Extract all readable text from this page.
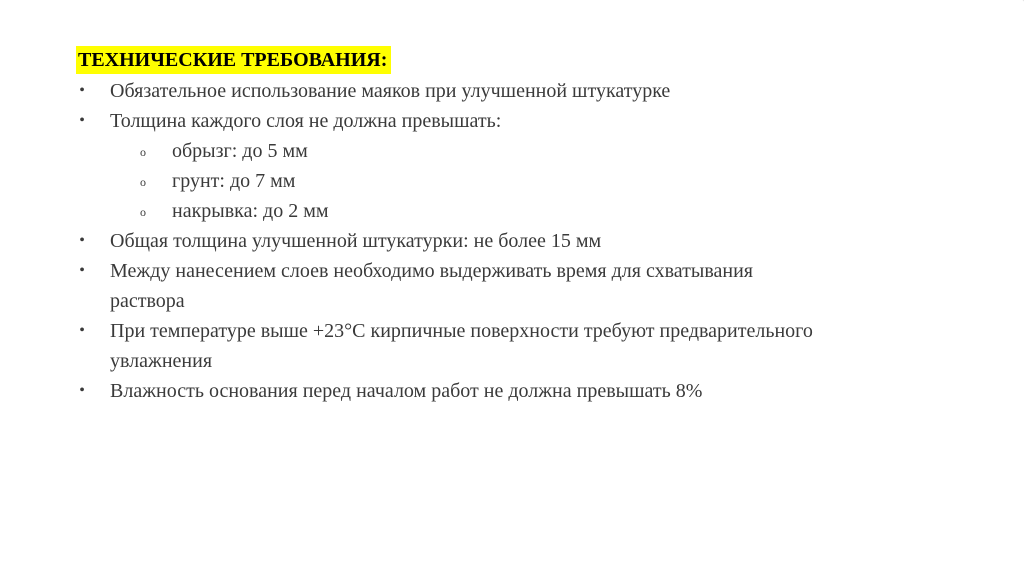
ТЕХНИЧЕСКИЕ ТРЕБОВАНИЯ:
• Обязательное использование маяков при улучшенной штукатурке
• Толщина каждого слоя не должна превышать:
o обрызг: до 5 мм
o грунт: до 7 мм
o накрывка: до 2 мм
• Общая толщина улучшенной штукатурки: не более 15 мм
• Между нанесением слоев необходимо выдерживать время для схватывания раствора
• При температуре выше +23°C кирпичные поверхности требуют предварительного увлажнения
• Влажность основания перед началом работ не должна превышать 8%
